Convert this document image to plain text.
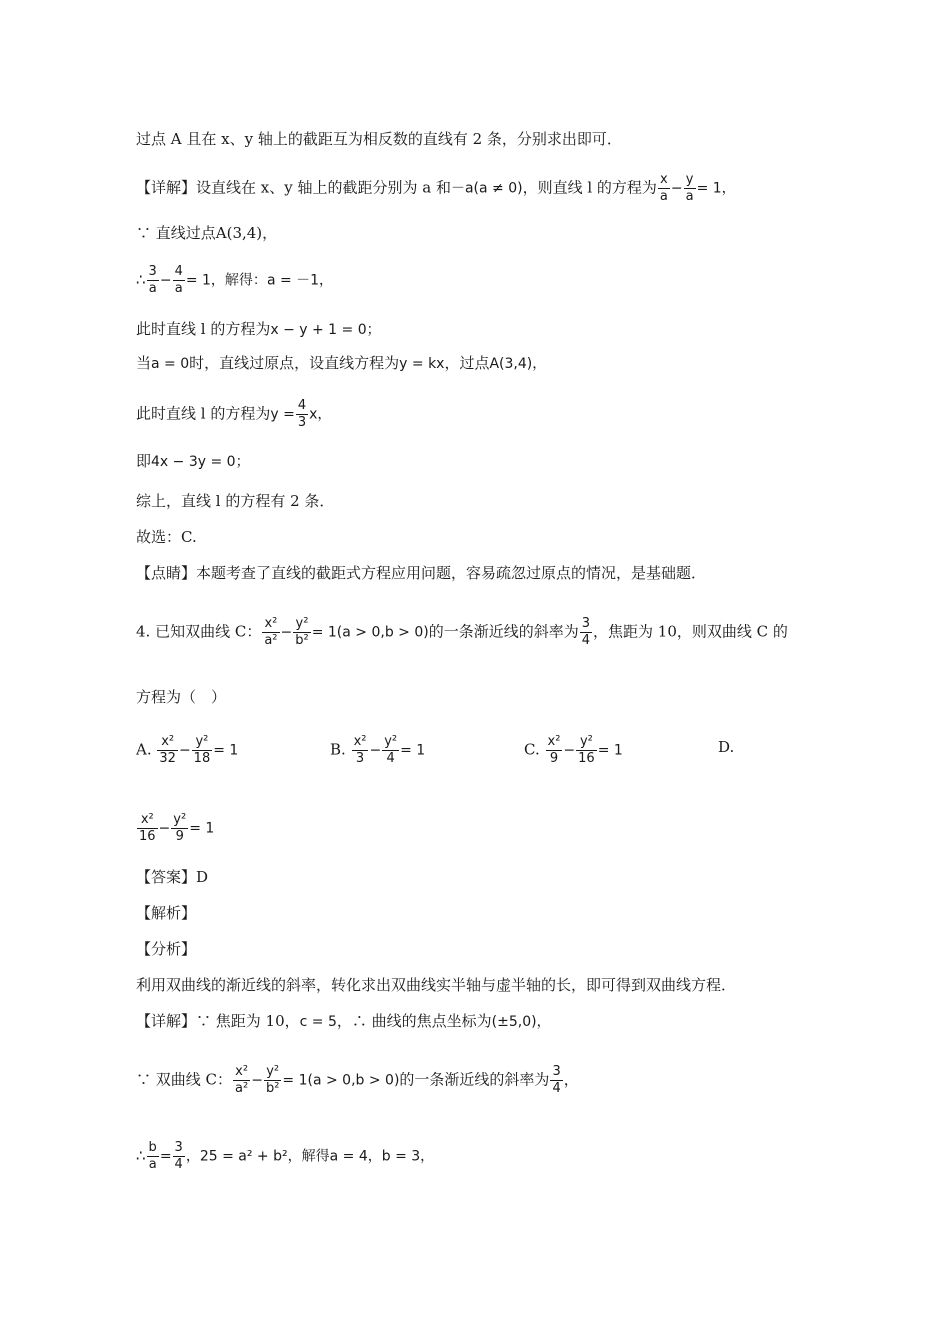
过点 A 且在 x、y 轴上的截距互为相反数的直线有 2 条，分别求出即可．
【详解】设直线在 x、y 轴上的截距分别为 a 和－a(a ≠ 0)，则直线 l 的方程为 $\frac{x}{a} - \frac{y}{a} = 1$，
∵ 直线过点A(3,4)，
∴ $\frac{3}{a} - \frac{4}{a} = 1$，解得：a = －1，
此时直线 l 的方程为x − y + 1 = 0；
当a = 0时，直线过原点，设直线方程为y = kx，过点A(3,4)，
此时直线 l 的方程为$y = \frac{4}{3}$ x，
即4x − 3y = 0；
综上，直线 l 的方程有 2 条．
故选：C.
【点睛】本题考查了直线的截距式方程应用问题，容易疏忽过原点的情况，是基础题．
4. 已知双曲线 C： $\frac{\text{x²}}{\text{a²}} - \frac{\text{y²}}{\text{b²}} = 1(a > 0,b > 0)$的一条渐近线的斜率为 $\frac{3}{4}$ ，焦距为 10，则双曲线 C 的
方程为（　）
A. $\frac{\text{x²}}{32} - \frac{\text{y²}}{18} = 1$	B. $\frac{\text{x²}}{3} - \frac{\text{y²}}{4} = 1$	C. $\frac{\text{x²}}{9} - \frac{\text{y²}}{16} = 1$	D.
$\frac{\text{x²}}{16} - \frac{\text{y²}}{9} = 1$
【答案】D
【解析】
【分析】
利用双曲线的渐近线的斜率，转化求出双曲线实半轴与虚半轴的长，即可得到双曲线方程．
【详解】∵ 焦距为 10，c = 5，∴ 曲线的焦点坐标为(±5,0)，
∵ 双曲线 C： $\frac{\text{x²}}{\text{a²}} - \frac{\text{y²}}{\text{b²}} = 1(a > 0,b > 0)$的一条渐近线的斜率为 $\frac{3}{4}$ ，
∴ $\frac{b}{a} = \frac{3}{4}$ ，25 = a² + b²，解得a = 4，b = 3，
